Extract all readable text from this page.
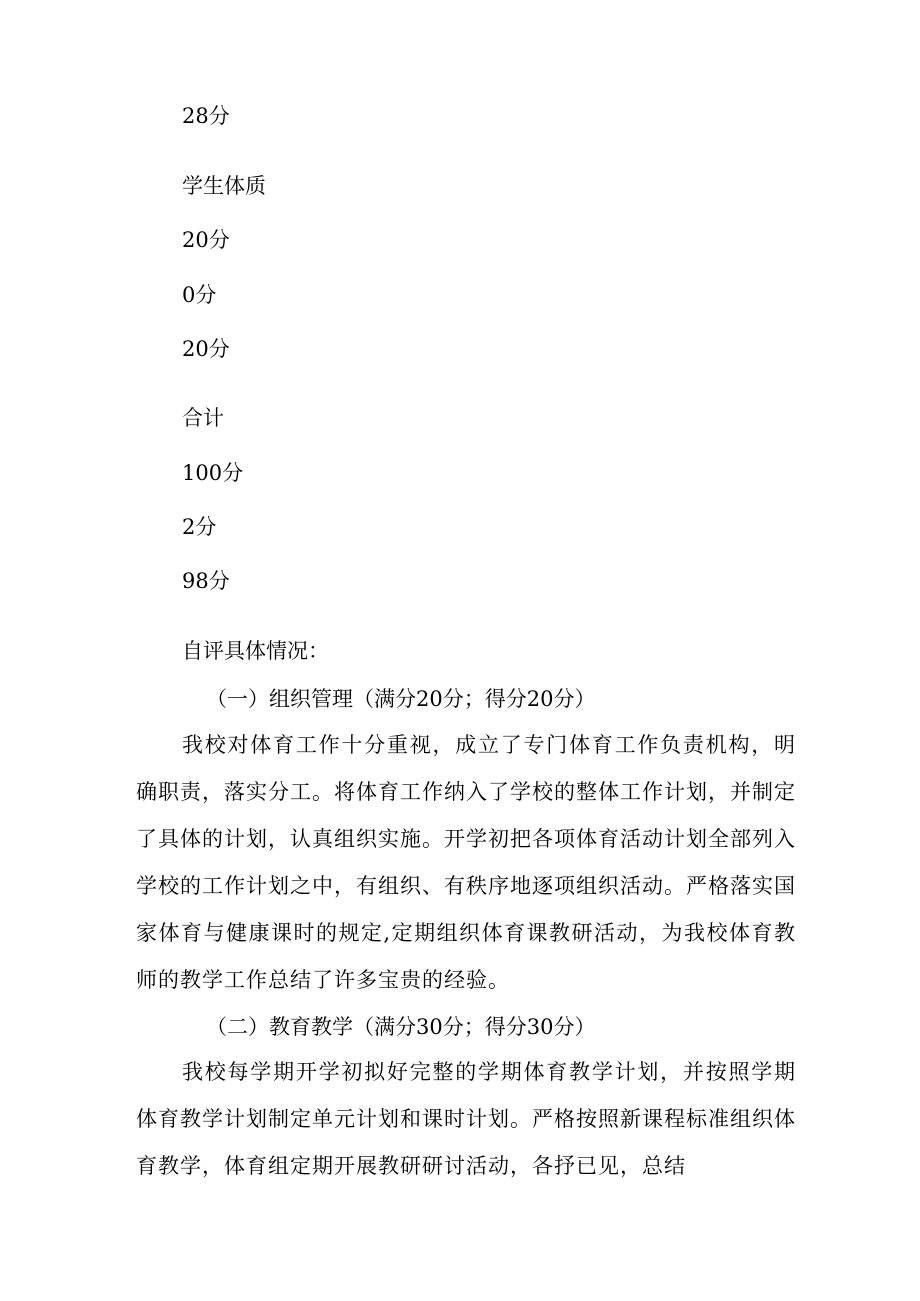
28分
学生体质
20分
0分
20分
合计
100分
2分
98分
自评具体情况：
（一）组织管理（满分20分；得分20分）
我校对体育工作十分重视，成立了专门体育工作负责机构，明确职责，落实分工。将体育工作纳入了学校的整体工作计划，并制定了具体的计划，认真组织实施。开学初把各项体育活动计划全部列入学校的工作计划之中，有组织、有秩序地逐项组织活动。严格落实国家体育与健康课时的规定,定期组织体育课教研活动，为我校体育教师的教学工作总结了许多宝贵的经验。
（二）教育教学（满分30分；得分30分）
我校每学期开学初拟好完整的学期体育教学计划，并按照学期体育教学计划制定单元计划和课时计划。严格按照新课程标准组织体育教学，体育组定期开展教研研讨活动，各抒已见，总结
